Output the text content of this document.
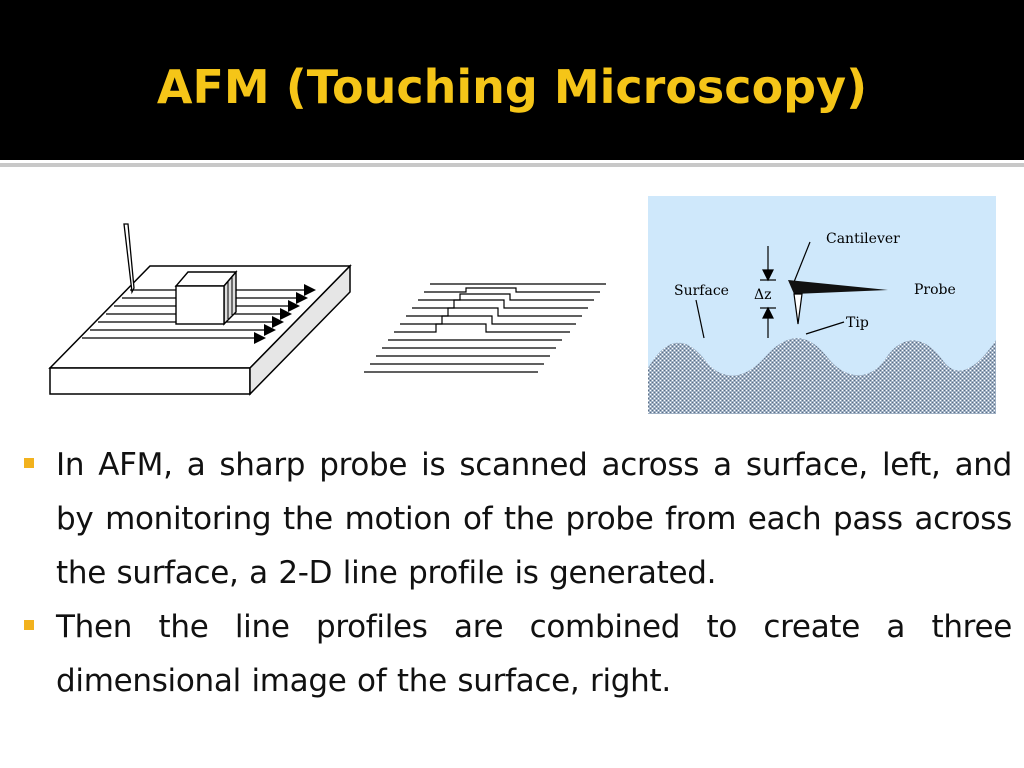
AFM (Touching Microscopy)
Cantilever
Surface Δz	Probe
Tip
In AFM, a sharp probe is scanned across a surface, left, and by monitoring the motion of the probe from each pass across the surface, a 2-D line profile is generated.
Then the line profiles are combined to create a three dimensional image of the surface, right.
